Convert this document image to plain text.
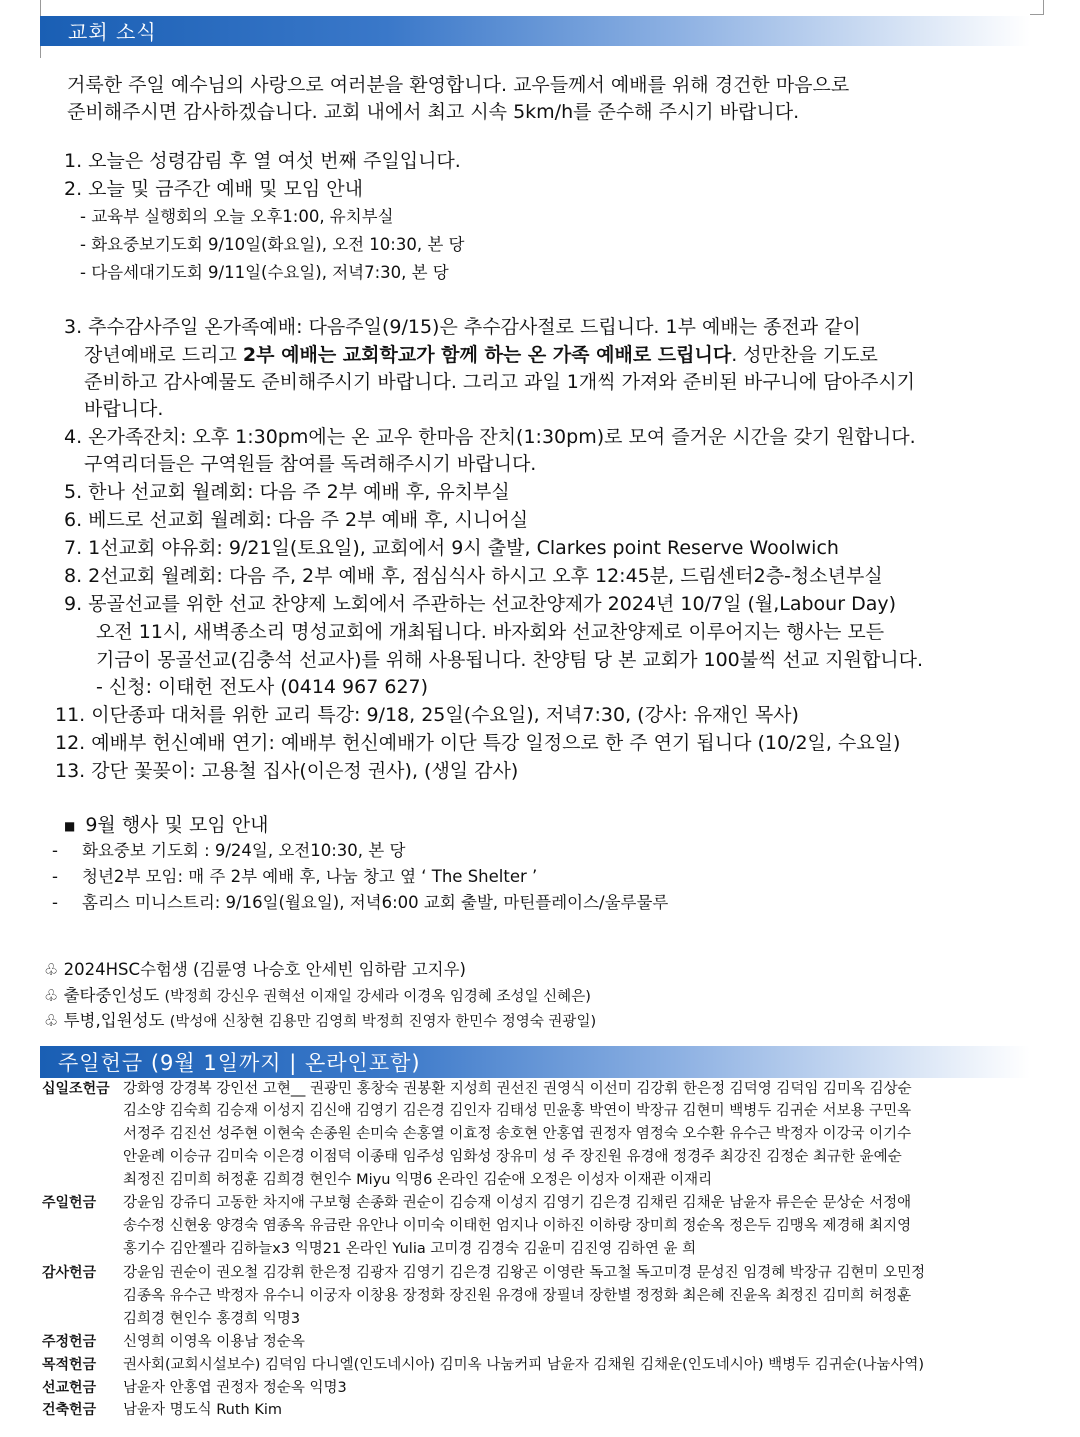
교회 소식
거룩한 주일 예수님의 사랑으로 여러분을 환영합니다. 교우들께서 예배를 위해 경건한 마음으로
준비해주시면 감사하겠습니다. 교회 내에서 최고 시속 5km/h를 준수해 주시기 바랍니다.
1. 오늘은 성령감림 후 열 여섯 번째 주일입니다.
2. 오늘 및 금주간 예배 및 모임 안내
- 교육부 실행회의 오늘 오후1:00, 유치부실
- 화요중보기도회 9/10일(화요일), 오전 10:30, 본 당
- 다음세대기도회 9/11일(수요일), 저녁7:30, 본 당
3. 추수감사주일 온가족예배: 다음주일(9/15)은 추수감사절로 드립니다. 1부 예배는 종전과 같이
장년예배로 드리고 2부 예배는 교회학교가 함께 하는 온 가족 예배로 드립니다. 성만찬을 기도로
준비하고 감사예물도 준비해주시기 바랍니다. 그리고 과일 1개씩 가져와 준비된 바구니에 담아주시기
바랍니다.
4. 온가족잔치: 오후 1:30pm에는 온 교우 한마음 잔치(1:30pm)로 모여 즐거운 시간을 갖기 원합니다.
구역리더들은 구역원들 참여를 독려해주시기 바랍니다.
5. 한나 선교회 월례회: 다음 주 2부 예배 후, 유치부실
6. 베드로 선교회 월례회: 다음 주 2부 예배 후, 시니어실
7. 1선교회 야유회: 9/21일(토요일), 교회에서 9시 출발, Clarkes point Reserve Woolwich
8. 2선교회 월례회: 다음 주, 2부 예배 후, 점심식사 하시고 오후 12:45분, 드림센터2층-청소년부실
9. 몽골선교를 위한 선교 찬양제 노회에서 주관하는 선교찬양제가 2024년 10/7일 (월,Labour Day)
오전 11시, 새벽종소리 명성교회에 개최됩니다. 바자회와 선교찬양제로 이루어지는 행사는 모든
기금이 몽골선교(김충석 선교사)를 위해 사용됩니다. 찬양팀 당 본 교회가 100불씩 선교 지원합니다.
- 신청: 이태헌 전도사 (0414 967 627)
11. 이단종파 대처를 위한 교리 특강: 9/18, 25일(수요일), 저녁7:30, (강사: 유재인 목사)
12. 예배부 헌신예배 연기: 예배부 헌신예배가 이단 특강 일정으로 한 주 연기 됩니다 (10/2일, 수요일)
13. 강단 꽃꽂이: 고용철 집사(이은정 권사), (생일 감사)
■ 9월 행사 및 모임 안내
- 화요중보 기도회 : 9/24일, 오전10:30, 본 당
- 청년2부 모임: 매 주 2부 예배 후, 나눔 창고 옆 ‘ The Shelter ’
- 홈리스 미니스트리: 9/16일(월요일), 저녁6:00 교회 출발, 마틴플레이스/울루물루
♧ 2024HSC수험생 (김륜영 나승호 안세빈 임하람 고지우)
♧ 출타중인성도 (박정희 강신우 권혁선 이재일 강세라 이경옥 임경혜 조성일 신혜은)
♧ 투병,입원성도 (박성애 신창현 김용만 김영희 박정희 진영자 한민수 정영숙 권광일)
주일헌금 (9월 1일까지 | 온라인포함)
십일조헌금 강화영 강경복 강인선 고현__ 권광민 홍창숙 권봉환 지성희 권선진 권영식 이선미 김강휘 한은정 김덕영 김덕임 김미옥 김상순
김소양 김숙희 김승재 이성지 김신애 김영기 김은경 김인자 김태성 민윤홍 박연이 박장규 김현미 백병두 김귀순 서보용 구민옥
서정주 김진선 성주현 이현숙 손종원 손미숙 손홍열 이효정 송호현 안홍엽 권정자 염정숙 오수환 유수근 박정자 이강국 이기수
안윤례 이승규 김미숙 이은경 이점덕 이종태 임주성 임화성 장유미 성 주 장진원 유경애 정경주 최강진 김정순 최규한 윤예순
최정진 김미희 허정훈 김희경 현인수 Miyu 익명6 온라인 김순애 오정은 이성자 이재관 이재리
주일헌금	강윤임 강쥬디 고동한 차지애 구보형 손종화 권순이 김승재 이성지 김영기 김은경 김채린 김채운 남윤자 류은순 문상순 서정애
송수정 신현웅 양경숙 염종옥 유금란 유안나 이미숙 이태헌 엄지나 이하진 이하랑 장미희 정순옥 정은두 김맹옥 제경해 최지영
홍기수 김안젤라 김하늘x3 익명21 온라인 Yulia 고미경 김경숙 김윤미 김진영 김하연 윤 희
감사헌금	강윤임 권순이 권오철 김강휘 한은정 김광자 김영기 김은경 김왕곤 이영란 독고철 독고미경 문성진 임경혜 박장규 김현미 오민정
김종옥 유수근 박정자 유수니 이궁자 이창용 장정화 장진원 유경애 장필녀 장한별 정정화 최은혜 진윤옥 최정진 김미희 허정훈
김희경 현인수 홍경희 익명3
주정헌금	신영희 이영옥 이용남 정순옥
목적헌금	권사회(교회시설보수) 김덕임 다니엘(인도네시아) 김미옥 나눔커피 남윤자 김채원 김채운(인도네시아) 백병두 김귀순(나눔사역)
선교헌금	남윤자 안홍엽 권정자 정순옥 익명3
건축헌금	남윤자 명도식 Ruth Kim
